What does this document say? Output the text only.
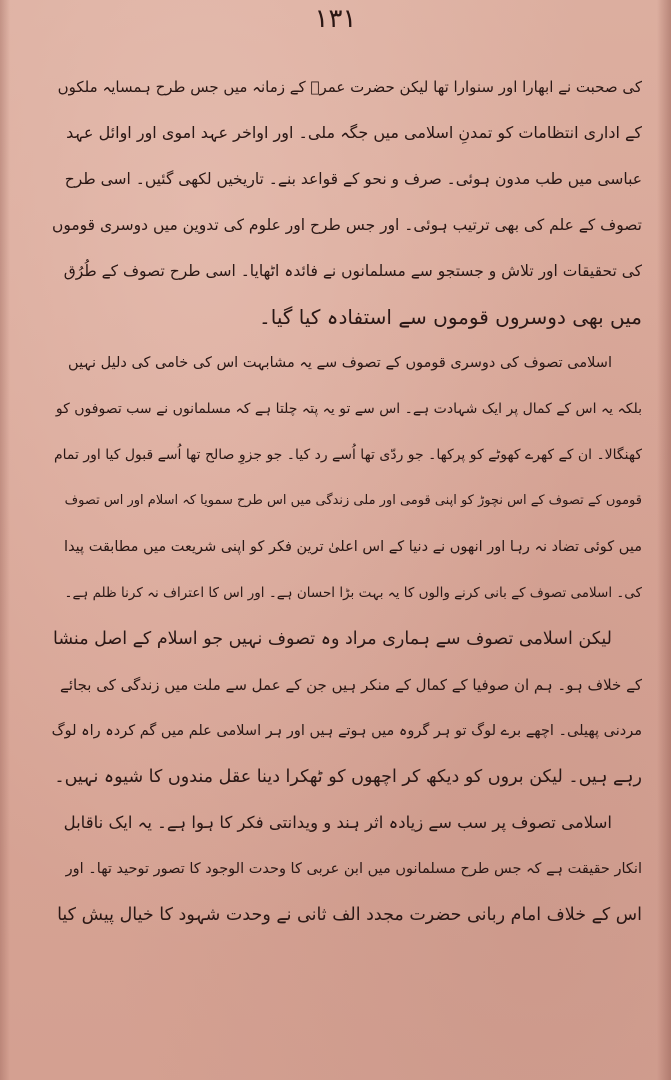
١٣١
کی صحبت نے ابھارا اور سنوارا تھا لیکن حضرت عمرؓ کے زمانہ میں جس طرح ہمسایہ ملکوں
کے اداری انتظامات کو تمدنِ اسلامی میں جگہ ملی۔ اور اواخر عہد اموی اور اوائل عہد
عباسی میں طب مدون ہوئی۔ صرف و نحو کے قواعد بنے۔ تاریخیں لکھی گئیں۔ اسی طرح
تصوف کے علم کی بھی ترتیب ہوئی۔ اور جس طرح اور علوم کی تدوین میں دوسری قوموں
کی تحقیقات اور تلاش و جستجو سے مسلمانوں نے فائدہ اٹھایا۔ اسی طرح تصوف کے طُرُق
میں بھی دوسروں قوموں سے استفادہ کیا گیا۔
اسلامی تصوف کی دوسری قوموں کے تصوف سے یہ مشابہت اس کی خامی کی دلیل نہیں
بلکہ یہ اس کے کمال پر ایک شہادت ہے۔ اس سے تو یہ پتہ چلتا ہے کہ مسلمانوں نے سب تصوفوں کو
کھنگالا۔ ان کے کھرے کھوٹے کو پرکھا۔ جو ردّی تھا اُسے رد کیا۔ جو جزوِ صالح تھا اُسے قبول کیا اور تمام
قوموں کے تصوف کے اس نچوڑ کو اپنی قومی اور ملی زندگی میں اس طرح سمویا کہ اسلام اور اس تصوف
میں کوئی تضاد نہ رہا اور انھوں نے دنیا کے اس اعلیٰ ترین فکر کو اپنی شریعت میں مطابقت پیدا
کی۔ اسلامی تصوف کے بانی کرنے والوں کا یہ بہت بڑا احسان ہے۔ اور اس کا اعتراف نہ کرنا ظلم ہے۔
لیکن اسلامی تصوف سے ہماری مراد وہ تصوف نہیں جو اسلام کے اصل منشا
کے خلاف ہو۔ ہم ان صوفیا کے کمال کے منکر ہیں جن کے عمل سے ملت میں زندگی کی بجائے
مردنی پھیلی۔ اچھے برے لوگ تو ہر گروہ میں ہوتے ہیں اور ہر اسلامی علم میں گم کردہ راہ لوگ
رہے ہیں۔ لیکن بروں کو دیکھ کر اچھوں کو ٹھکرا دینا عقل مندوں کا شیوہ نہیں۔
اسلامی تصوف پر سب سے زیادہ اثر ہند و ویدانتی فکر کا ہوا ہے۔ یہ ایک ناقابل
انکار حقیقت ہے کہ جس طرح مسلمانوں میں ابن عربی کا وحدت الوجود کا تصور توحید تھا۔ اور
اس کے خلاف امام ربانی حضرت مجدد الف ثانی نے وحدت شہود کا خیال پیش کیا
